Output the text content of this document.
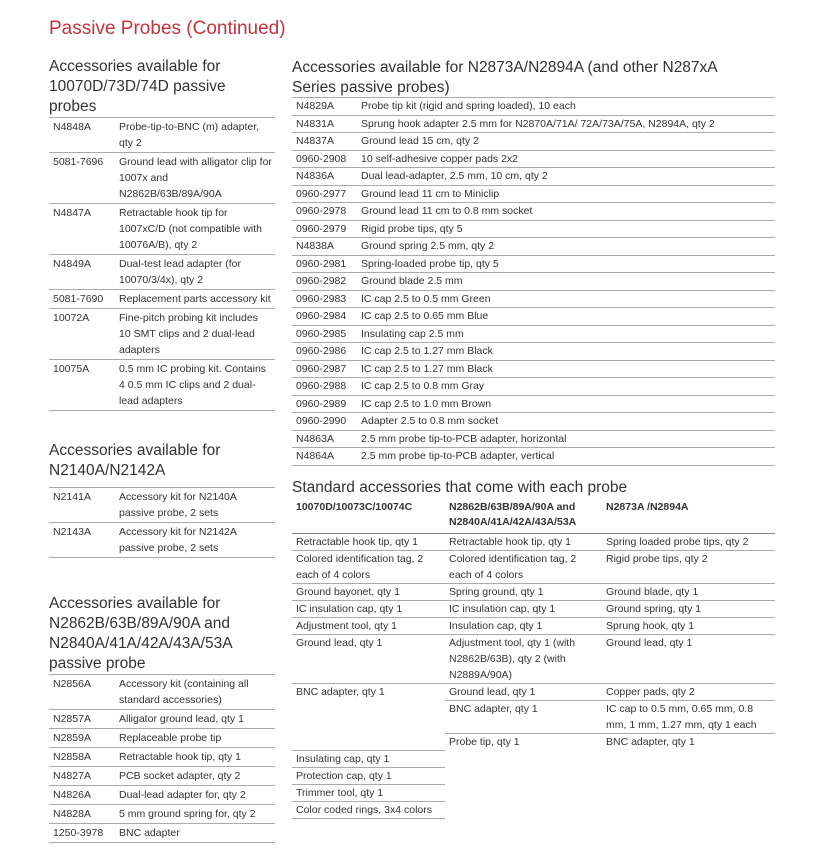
Passive Probes (Continued)
Accessories available for 10070D/73D/74D passive probes
N4848A	Probe-tip-to-BNC (m) adapter, qty 2
5081-7696	Ground lead with alligator clip for 1007x and N2862B/63B/89A/90A
N4847A	Retractable hook tip for 1007xC/D (not compatible with 10076A/B), qty 2
N4849A	Dual-test lead adapter (for 10070/3/4x), qty 2
5081-7690	Replacement parts accessory kit
10072A	Fine-pitch probing kit includes 10 SMT clips and 2 dual-lead adapters
10075A	0.5 mm IC probing kit. Contains 4 0.5 mm IC clips and 2 dual-lead adapters
Accessories available for N2140A/N2142A
N2141A	Accessory kit for N2140A passive probe, 2 sets
N2143A	Accessory kit for N2142A passive probe, 2 sets
Accessories available for N2862B/63B/89A/90A and N2840A/41A/42A/43A/53A passive probe
N2856A	Accessory kit (containing all standard accessories)
N2857A	Alligator ground lead, qty 1
N2859A	Replaceable probe tip
N2858A	Retractable hook tip, qty 1
N4827A	PCB socket adapter, qty 2
N4826A	Dual-lead adapter for, qty 2
N4828A	5 mm ground spring for, qty 2
1250-3978	BNC adapter
Accessories available for N2873A/N2894A (and other N287xA Series passive probes)
N4829A	Probe tip kit (rigid and spring loaded), 10 each
N4831A	Sprung hook adapter 2.5 mm for N2870A/71A/ 72A/73A/75A, N2894A, qty 2
N4837A	Ground lead 15 cm, qty 2
0960-2908	10 self-adhesive copper pads 2x2
N4836A	Dual lead-adapter, 2.5 mm, 10 cm, qty 2
0960-2977	Ground lead 11 cm to Miniclip
0960-2978	Ground lead 11 cm to 0.8 mm socket
0960-2979	Rigid probe tips, qty 5
N4838A	Ground spring 2.5 mm, qty 2
0960-2981	Spring-loaded probe tip, qty 5
0960-2982	Ground blade 2.5 mm
0960-2983	IC cap 2.5 to 0.5 mm Green
0960-2984	IC cap 2.5 to 0.65 mm Blue
0960-2985	Insulating cap 2.5 mm
0960-2986	IC cap 2.5 to 1.27 mm Black
0960-2987	IC cap 2.5 to 1.27 mm Black
0960-2988	IC cap 2.5 to 0.8 mm Gray
0960-2989	IC cap 2.5 to 1.0 mm Brown
0960-2990	Adapter 2.5 to 0.8 mm socket
N4863A	2.5 mm probe tip-to-PCB adapter, horizontal
N4864A	2.5 mm probe tip-to-PCB adapter, vertical
Standard accessories that come with each probe
10070D/10073C/10074C	N2862B/63B/89A/90A and N2840A/41A/42A/43A/53A	N2873A /N2894A
Retractable hook tip, qty 1	Retractable hook tip, qty 1	Spring loaded probe tips, qty 2
Colored identification tag, 2 each of 4 colors	Colored identification tag, 2 each of 4 colors	Rigid probe tips, qty 2
Ground bayonet, qty 1	Spring ground, qty 1	Ground blade, qty 1
IC insulation cap, qty 1	IC insulation cap, qty 1	Ground spring, qty 1
Adjustment tool, qty 1	Insulation cap, qty 1	Sprung hook, qty 1
Ground lead, qty 1	Adjustment tool, qty 1 (with N2862B/63B), qty 2 (with N2889A/90A)	Ground lead, qty 1
BNC adapter, qty 1	Ground lead, qty 1	Copper pads, qty 2
	BNC adapter, qty 1	IC cap to 0.5 mm, 0.65 mm, 0.8 mm, 1 mm, 1.27 mm, qty 1 each
	Probe tip, qty 1	BNC adapter, qty 1
Insulating cap, qty 1		
Protection cap, qty 1		
Trimmer tool, qty 1		
Color coded rings, 3x4 colors		
